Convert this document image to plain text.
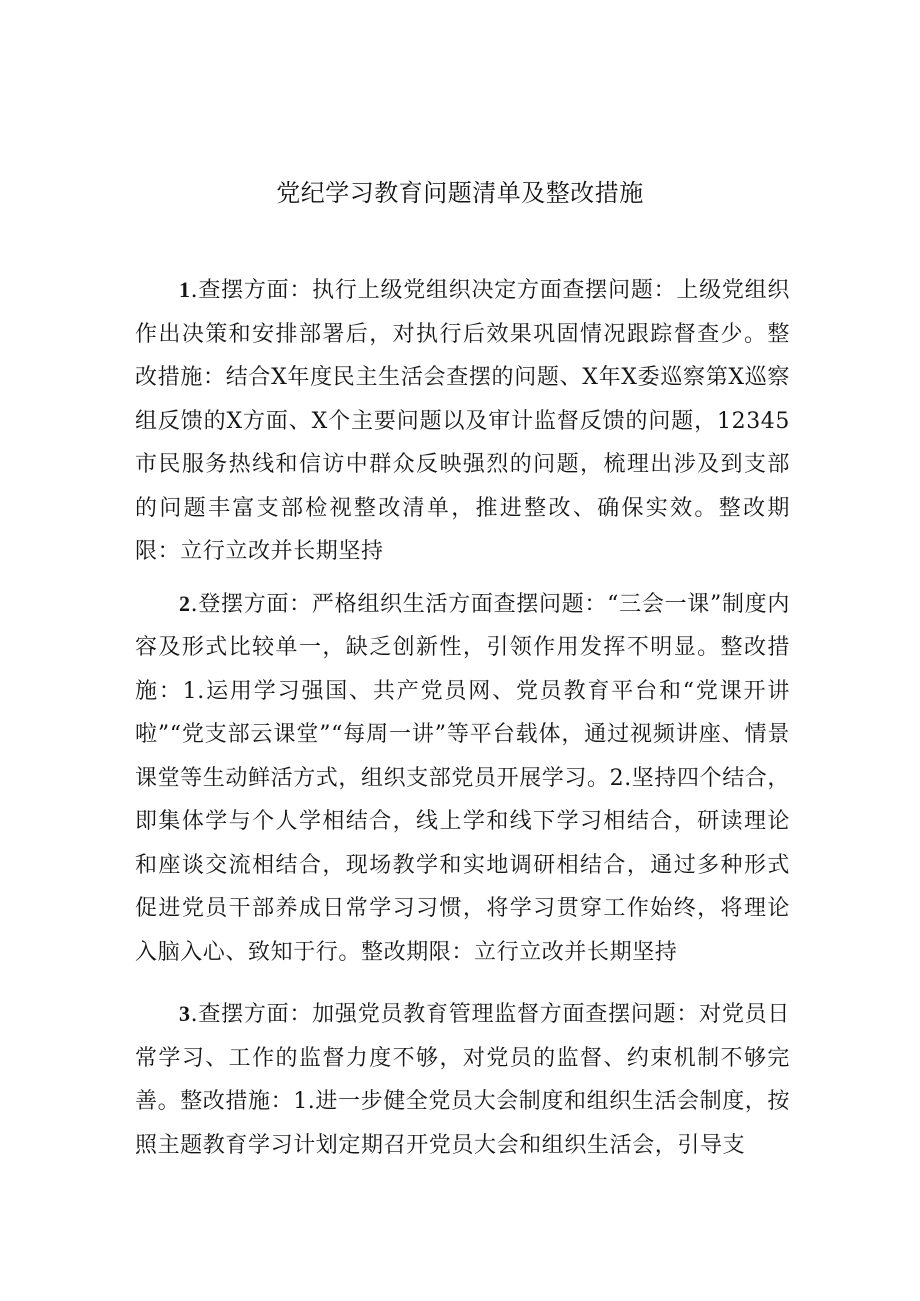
党纪学习教育问题清单及整改措施

1.查摆方面：执行上级党组织决定方面查摆问题：上级党组织作出决策和安排部署后，对执行后效果巩固情况跟踪督查少。整改措施：结合X年度民主生活会查摆的问题、X年X委巡察第X巡察组反馈的X方面、X个主要问题以及审计监督反馈的问题，12345市民服务热线和信访中群众反映强烈的问题，梳理出涉及到支部的问题丰富支部检视整改清单，推进整改、确保实效。整改期限：立行立改并长期坚持

2.登摆方面：严格组织生活方面查摆问题：“三会一课”制度内容及形式比较单一，缺乏创新性，引领作用发挥不明显。整改措施：1.运用学习强国、共产党员网、党员教育平台和“党课开讲啦”“党支部云课堂”“每周一讲”等平台载体，通过视频讲座、情景课堂等生动鲜活方式，组织支部党员开展学习。2.坚持四个结合，即集体学与个人学相结合，线上学和线下学习相结合，研读理论和座谈交流相结合，现场教学和实地调研相结合，通过多种形式促进党员干部养成日常学习习惯，将学习贯穿工作始终，将理论入脑入心、致知于行。整改期限：立行立改并长期坚持

3.查摆方面：加强党员教育管理监督方面查摆问题：对党员日常学习、工作的监督力度不够，对党员的监督、约束机制不够完善。整改措施：1.进一步健全党员大会制度和组织生活会制度，按照主题教育学习计划定期召开党员大会和组织生活会，引导支
